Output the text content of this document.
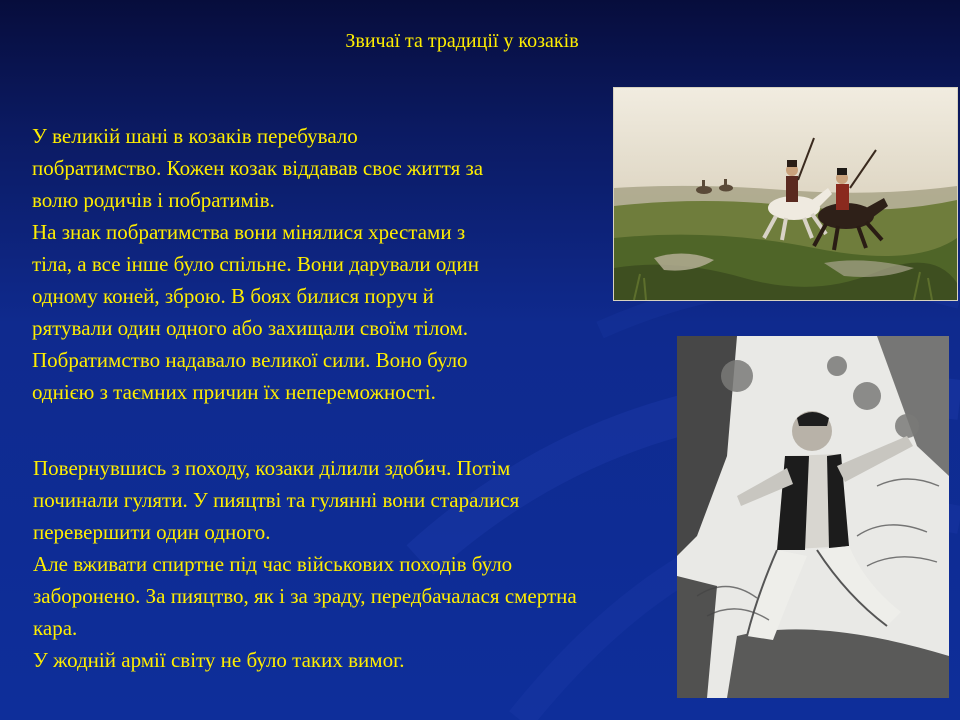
Звичаї та традиції у козаків

У великій шані в козаків перебувало

побратимство. Кожен козак віддавав своє життя за

волю родичів і побратимів.

На знак побратимства вони мінялися хрестами з

тіла, а все інше було спільне. Вони дарували один

одному коней, зброю. В боях билися поруч й

рятували один одного або захищали своїм тілом.

Побратимство надавало великої сили. Воно було

однією з таємних причин їх непереможності.

Повернувшись з походу, козаки ділили здобич. Потім

починали гуляти. У пияцтві та гулянні вони старалися

перевершити один одного.

Але вживати спиртне під час військових походів було

заборонено. За пияцтво, як і за зраду, передбачалася смертна

кара.

У жодній армії світу не було таких вимог.
